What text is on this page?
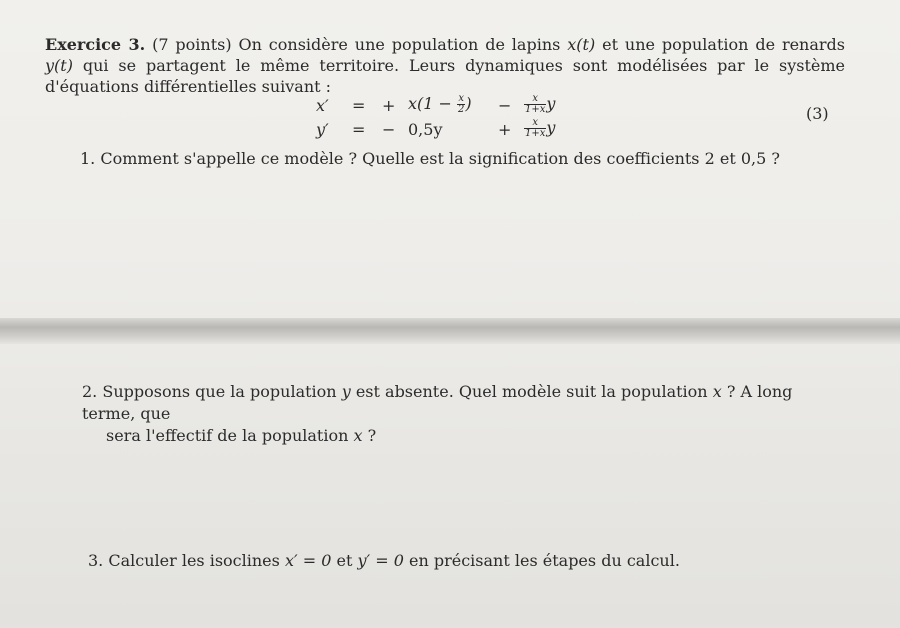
Exercice 3. (7 points) On considère une population de lapins x(t) et une population de renards y(t) qui se partagent le même territoire. Leurs dynamiques sont modélisées par le système d'équations différentielles suivant :

x′ = + $x(1 - \frac{x}{2}$ ) − $\frac{x}{1+x}$ y
y′ = − 0,5y	+ $\frac{x}{1+x}$ y
(3)
1. Comment s'appelle ce modèle ? Quelle est la signification des coefficients 2 et 0,5 ?
2. Supposons que la population y est absente. Quel modèle suit la population x ? A long terme, que
sera l'effectif de la population x ?
3. Calculer les isoclines x′ = 0 et y′ = 0 en précisant les étapes du calcul.
